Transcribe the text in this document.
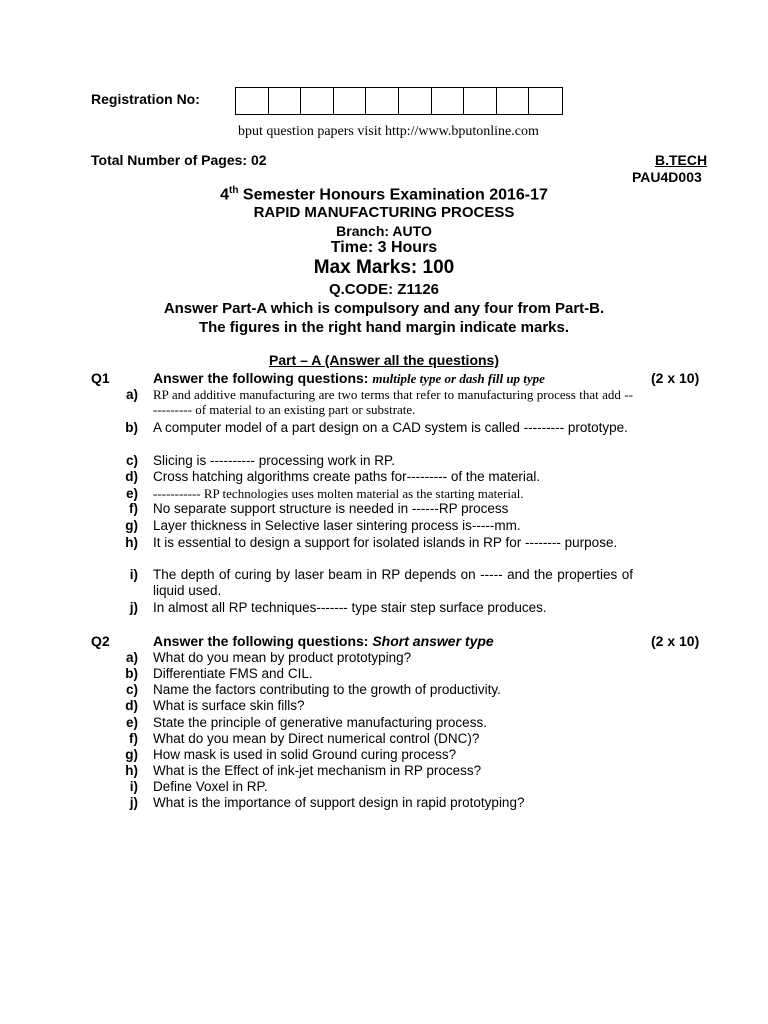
Registration No:
bput question papers visit http://www.bputonline.com
Total Number of Pages: 02	B.TECH
PAU4D003
4th Semester Honours Examination 2016-17
RAPID MANUFACTURING PROCESS
Branch: AUTO
Time: 3 Hours
Max Marks: 100
Q.CODE: Z1126
Answer Part-A which is compulsory and any four from Part-B.
The figures in the right hand margin indicate marks.
Part – A (Answer all the questions)
Q1	Answer the following questions: multiple type or dash fill up type	(2 x 10)
a) RP and additive manufacturing are two terms that refer to manufacturing process that add ----------- of material to an existing part or substrate.
b) A computer model of a part design on a CAD system is called --------- prototype.
c) Slicing is ---------- processing work in RP.
d) Cross hatching algorithms create paths for--------- of the material.
e) ----------- RP technologies uses molten material as the starting material.
f) No separate support structure is needed in ------RP process
g) Layer thickness in Selective laser sintering process is-----mm.
h) It is essential to design a support for isolated islands in RP for -------- purpose.
i) The depth of curing by laser beam in RP depends on ----- and the properties of liquid used.
j) In almost all RP techniques------- type stair step surface produces.
Q2	Answer the following questions: Short answer type	(2 x 10)
a) What do you mean by product prototyping?
b) Differentiate FMS and CIL.
c) Name the factors contributing to the growth of productivity.
d) What is surface skin fills?
e) State the principle of generative manufacturing process.
f) What do you mean by Direct numerical control (DNC)?
g) How mask is used in solid Ground curing process?
h) What is the Effect of ink-jet mechanism in RP process?
i) Define Voxel in RP.
j) What is the importance of support design in rapid prototyping?
